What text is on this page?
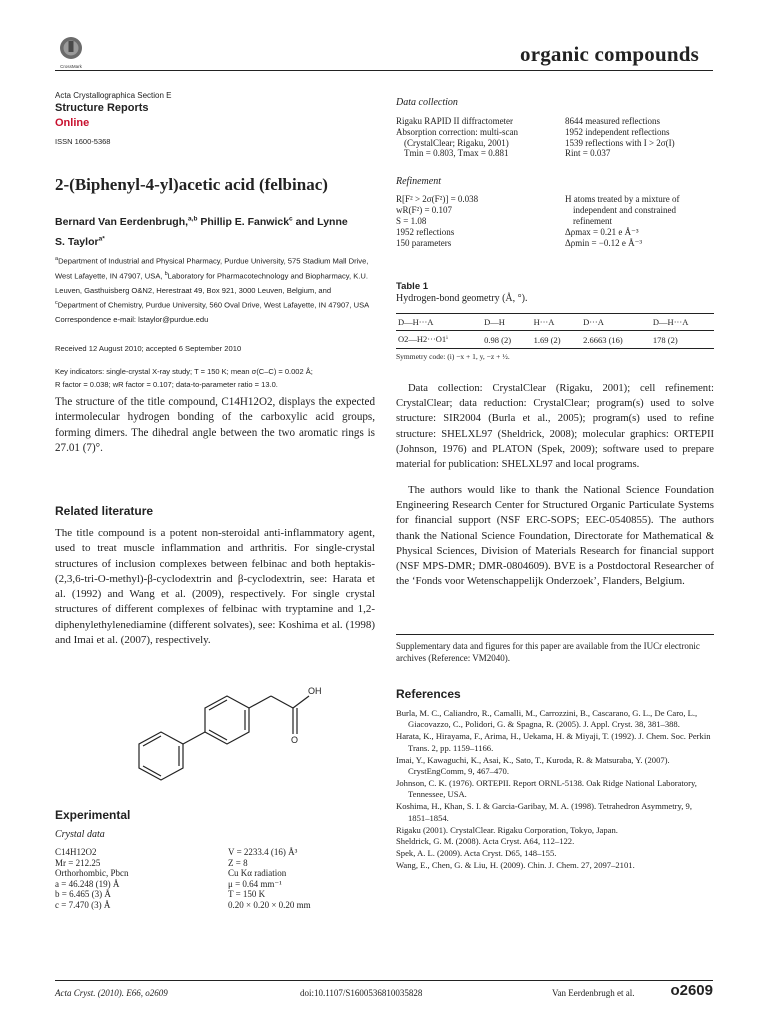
CrossMark
organic compounds
Acta Crystallographica Section E
Structure Reports
Online
ISSN 1600-5368
2-(Biphenyl-4-yl)acetic acid (felbinac)
Bernard Van Eerdenbrugh,$^{a,b}$ Phillip E. Fanwick$^c$ and Lynne S. Taylor$^{a*}$
$^a$Department of Industrial and Physical Pharmacy, Purdue University, 575 Stadium Mall Drive, West Lafayette, IN 47907, USA, $^b$Laboratory for Pharmacotechnology and Biopharmacy, K.U. Leuven, Gasthuisberg O&N2, Herestraat 49, Box 921, 3000 Leuven, Belgium, and $^c$Department of Chemistry, Purdue University, 560 Oval Drive, West Lafayette, IN 47907, USA
Correspondence e-mail: lstaylor@purdue.edu
Received 12 August 2010; accepted 6 September 2010
Key indicators: single-crystal X-ray study; T = 150 K; mean σ(C–C) = 0.002 Å;
R factor = 0.038; wR factor = 0.107; data-to-parameter ratio = 13.0.
The structure of the title compound, C14H12O2, displays the expected intermolecular hydrogen bonding of the carboxylic acid groups, forming dimers. The dihedral angle between the two aromatic rings is 27.01 (7)°.
Related literature
The title compound is a potent non-steroidal anti-inflammatory agent, used to treat muscle inflammation and arthritis. For single-crystal structures of inclusion complexes between felbinac and both heptakis-(2,3,6-tri-O-methyl)-β-cyclodextrin and β-cyclodextrin, see: Harata et al. (1992) and Wang et al. (2009), respectively. For single crystal structures of different complexes of felbinac with tryptamine and 1,2-diphenylethylenediamine (different solvates), see: Koshima et al. (1998) and Imai et al. (2007), respectively.
OH
O
Experimental
Crystal data
C14H12O2
Mr = 212.25
Orthorhombic, Pbcn
a = 46.248 (19) Å
b = 6.465 (3) Å
c = 7.470 (3) Å
V = 2233.4 (16) Å³
Z = 8
Cu Kα radiation
μ = 0.64 mm⁻¹
T = 150 K
0.20 × 0.20 × 0.20 mm
Data collection
Rigaku RAPID II diffractometer
Absorption correction: multi-scan
(CrystalClear; Rigaku, 2001)
Tmin = 0.803, Tmax = 0.881
8644 measured reflections
1952 independent reflections
1539 reflections with I > 2σ(I)
Rint = 0.037
Refinement
R[F² > 2σ(F²)] = 0.038
wR(F²) = 0.107
S = 1.08
1952 reflections
150 parameters
H atoms treated by a mixture of
independent and constrained
refinement
Δρmax = 0.21 e Å⁻³
Δρmin = −0.12 e Å⁻³
Table 1
Hydrogen-bond geometry (Å, °).
D—H···A	D—H	H···A	D···A	D—H···A
O2—H2···O1ⁱ	0.98 (2)	1.69 (2)	2.6663 (16)	178 (2)
Symmetry code: (i) −x + 1, y, −z + ½.
Data collection: CrystalClear (Rigaku, 2001); cell refinement: CrystalClear; data reduction: CrystalClear; program(s) used to solve structure: SIR2004 (Burla et al., 2005); program(s) used to refine structure: SHELXL97 (Sheldrick, 2008); molecular graphics: ORTEPII (Johnson, 1976) and PLATON (Spek, 2009); software used to prepare material for publication: SHELXL97 and local programs.
The authors would like to thank the National Science Foundation Engineering Research Center for Structured Organic Particulate Systems for financial support (NSF ERC-SOPS; EEC-0540855). The authors thank the National Science Foundation, Directorate for Mathematical & Physical Sciences, Division of Materials Research for financial support (NSF MPS-DMR; DMR-0804609). BVE is a Postdoctoral Researcher of the ‘Fonds voor Wetenschappelijk Onderzoek’, Flanders, Belgium.
Supplementary data and figures for this paper are available from the IUCr electronic archives (Reference: VM2040).
References
Burla, M. C., Caliandro, R., Camalli, M., Carrozzini, B., Cascarano, G. L., De Caro, L., Giacovazzo, C., Polidori, G. & Spagna, R. (2005). J. Appl. Cryst. 38, 381–388.
Harata, K., Hirayama, F., Arima, H., Uekama, H. & Miyaji, T. (1992). J. Chem. Soc. Perkin Trans. 2, pp. 1159–1166.
Imai, Y., Kawaguchi, K., Asai, K., Sato, T., Kuroda, R. & Matsuraba, Y. (2007). CrystEngComm, 9, 467–470.
Johnson, C. K. (1976). ORTEPII. Report ORNL-5138. Oak Ridge National Laboratory, Tennessee, USA.
Koshima, H., Khan, S. I. & Garcia-Garibay, M. A. (1998). Tetrahedron Asymmetry, 9, 1851–1854.
Rigaku (2001). CrystalClear. Rigaku Corporation, Tokyo, Japan.
Sheldrick, G. M. (2008). Acta Cryst. A64, 112–122.
Spek, A. L. (2009). Acta Cryst. D65, 148–155.
Wang, E., Chen, G. & Liu, H. (2009). Chin. J. Chem. 27, 2097–2101.
Acta Cryst. (2010). E66, o2609	doi:10.1107/S1600536810035828	Van Eerdenbrugh et al. o2609
